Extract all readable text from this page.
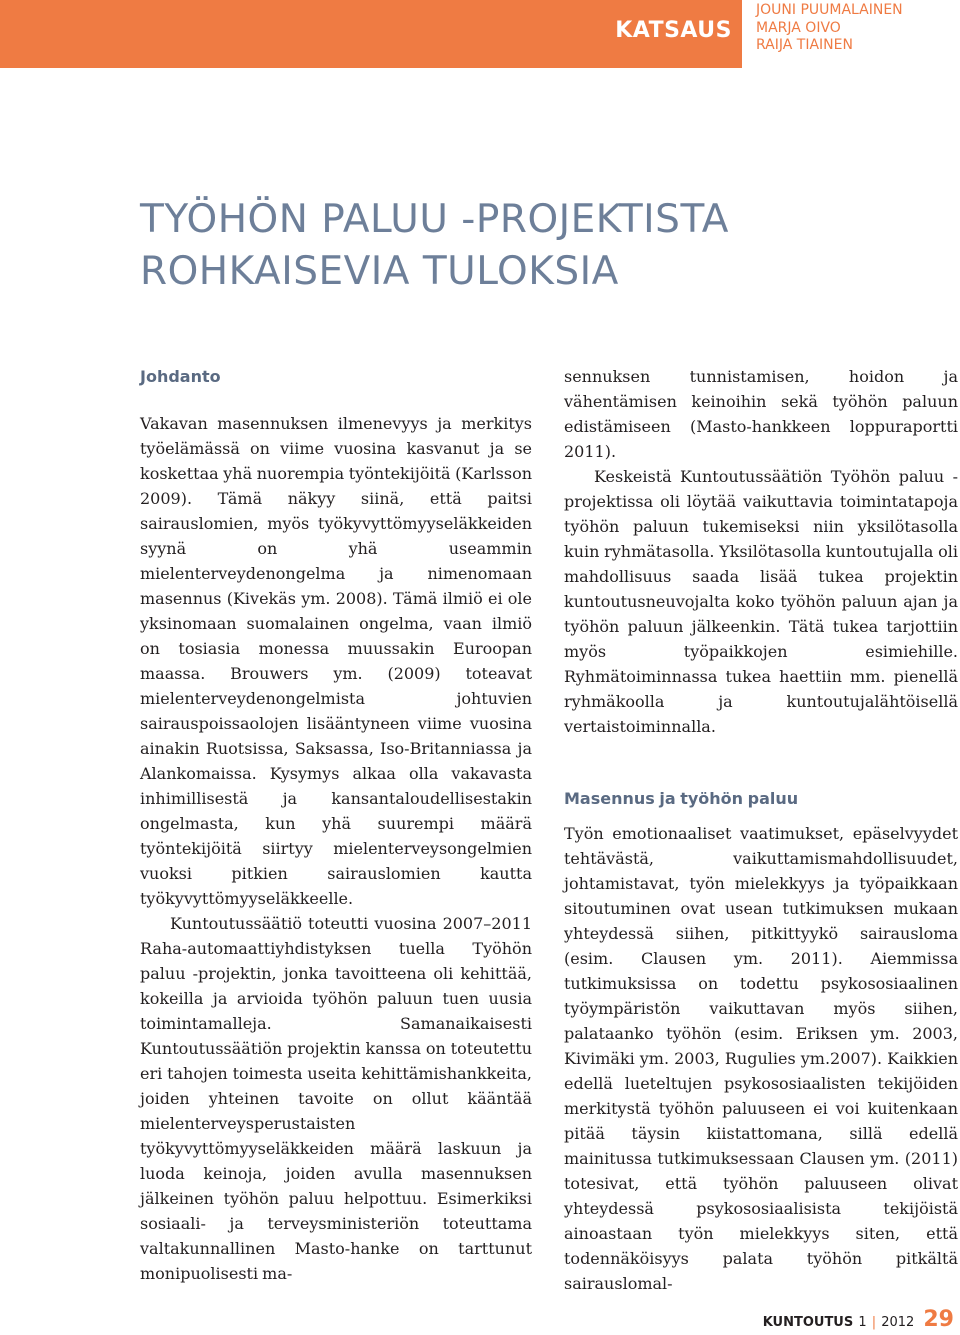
KATSAUS
JOUNI PUUMALAINEN
MARJA OIVO
RAIJA TIAINEN
TYÖHÖN PALUU -PROJEKTISTA
ROHKAISEVIA TULOKSIA
Johdanto

Vakavan masennuksen ilmenevyys ja merkitys työelämässä on viime vuosina kasvanut ja se koskettaa yhä nuorempia työntekijöitä (Karlsson 2009). Tämä näkyy siinä, että paitsi sairauslomien, myös työkyvyttömyyseläkkeiden syynä on yhä useammin mielenterveydenongelma ja nimenomaan masennus (Kivekäs ym. 2008). Tämä ilmiö ei ole yksinomaan suomalainen ongelma, vaan ilmiö on tosiasia monessa muussakin Euroopan maassa. Brouwers ym. (2009) toteavat mielenterveydenongelmista johtuvien sairauspoissaolojen lisääntyneen viime vuosina ainakin Ruotsissa, Saksassa, Iso-Britanniassa ja Alankomaissa. Kysymys alkaa olla vakavasta inhimillisestä ja kansantaloudellisestakin ongelmasta, kun yhä suurempi määrä työntekijöitä siirtyy mielenterveysongelmien vuoksi pitkien sairauslomien kautta työkyvyttömyyseläkkeelle.

Kuntoutussäätiö toteutti vuosina 2007–2011 Raha-automaattiyhdistyksen tuella Työhön paluu -projektin, jonka tavoitteena oli kehittää, kokeilla ja arvioida työhön paluun tuen uusia toimintamalleja. Samanaikaisesti Kuntoutussäätiön projektin kanssa on toteutettu eri tahojen toimesta useita kehittämishankkeita, joiden yhteinen tavoite on ollut kääntää mielenterveysperustaisten työkyvyttömyyseläkkeiden määrä laskuun ja luoda keinoja, joiden avulla masennuksen jälkeinen työhön paluu helpottuu. Esimerkiksi sosiaali- ja terveysministeriön toteuttama valtakunnallinen Masto-hanke on tarttunut monipuolisesti ma-

sennuksen tunnistamisen, hoidon ja vähentämisen keinoihin sekä työhön paluun edistämiseen (Masto-hankkeen loppuraportti 2011).

Keskeistä Kuntoutussäätiön Työhön paluu -projektissa oli löytää vaikuttavia toimintatapoja työhön paluun tukemiseksi niin yksilötasolla kuin ryhmätasolla. Yksilötasolla kuntoutujalla oli mahdollisuus saada lisää tukea projektin kuntoutusneuvojalta koko työhön paluun ajan ja työhön paluun jälkeenkin. Tätä tukea tarjottiin myös työpaikkojen esimiehille. Ryhmätoiminnassa tukea haettiin mm. pienellä ryhmäkoolla ja kuntoutujalähtöisellä vertaistoiminnalla.

Masennus ja työhön paluu

Työn emotionaaliset vaatimukset, epäselvyydet tehtävästä, vaikuttamismahdollisuudet, johtamistavat, työn mielekkyys ja työpaikkaan sitoutuminen ovat usean tutkimuksen mukaan yhteydessä siihen, pitkittyykö sairausloma (esim. Clausen ym. 2011). Aiemmissa tutkimuksissa on todettu psykososiaalinen työympäristön vaikuttavan myös siihen, palataanko työhön (esim. Eriksen ym. 2003, Kivimäki ym. 2003, Rugulies ym.2007). Kaikkien edellä lueteltujen psykososiaalisten tekijöiden merkitystä työhön paluuseen ei voi kuitenkaan pitää täysin kiistattomana, sillä edellä mainitussa tutkimuksessaan Clausen ym. (2011) totesivat, että työhön paluuseen olivat yhteydessä psykososiaalisista tekijöistä ainoastaan työn mielekkyys siten, että todennäköisyys palata työhön pitkältä sairauslomal-

KUNTOUTUS 1 | 2012 29
